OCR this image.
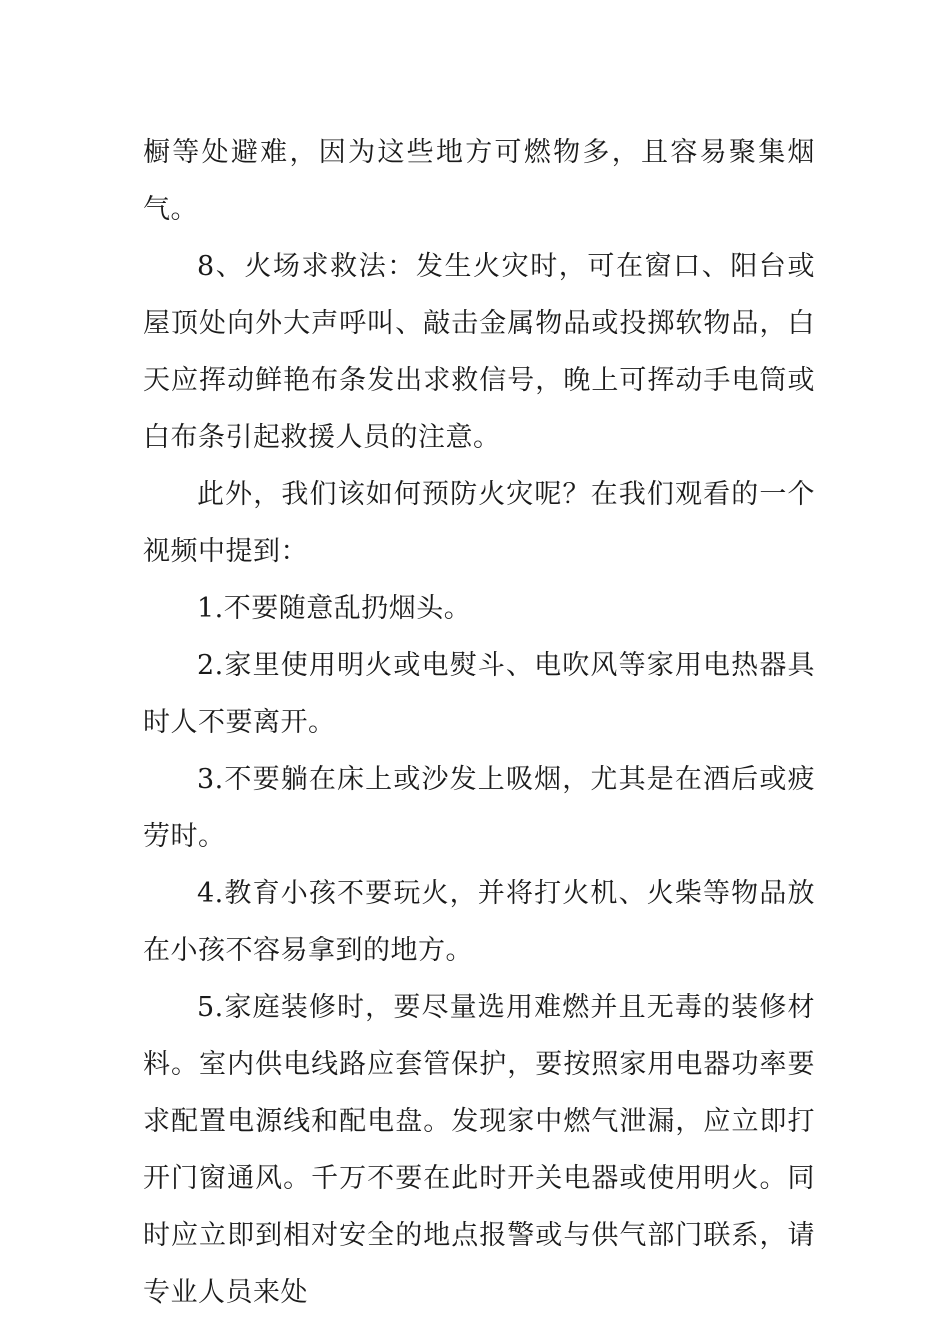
橱等处避难，因为这些地方可燃物多，且容易聚集烟气。

8、火场求救法：发生火灾时，可在窗口、阳台或屋顶处向外大声呼叫、敲击金属物品或投掷软物品，白天应挥动鲜艳布条发出求救信号，晚上可挥动手电筒或白布条引起救援人员的注意。

此外，我们该如何预防火灾呢？在我们观看的一个视频中提到：

1.不要随意乱扔烟头。

2.家里使用明火或电熨斗、电吹风等家用电热器具时人不要离开。

3.不要躺在床上或沙发上吸烟，尤其是在酒后或疲劳时。

4.教育小孩不要玩火，并将打火机、火柴等物品放在小孩不容易拿到的地方。

5.家庭装修时，要尽量选用难燃并且无毒的装修材料。室内供电线路应套管保护，要按照家用电器功率要求配置电源线和配电盘。发现家中燃气泄漏，应立即打开门窗通风。千万不要在此时开关电器或使用明火。同时应立即到相对安全的地点报警或与供气部门联系，请专业人员来处
